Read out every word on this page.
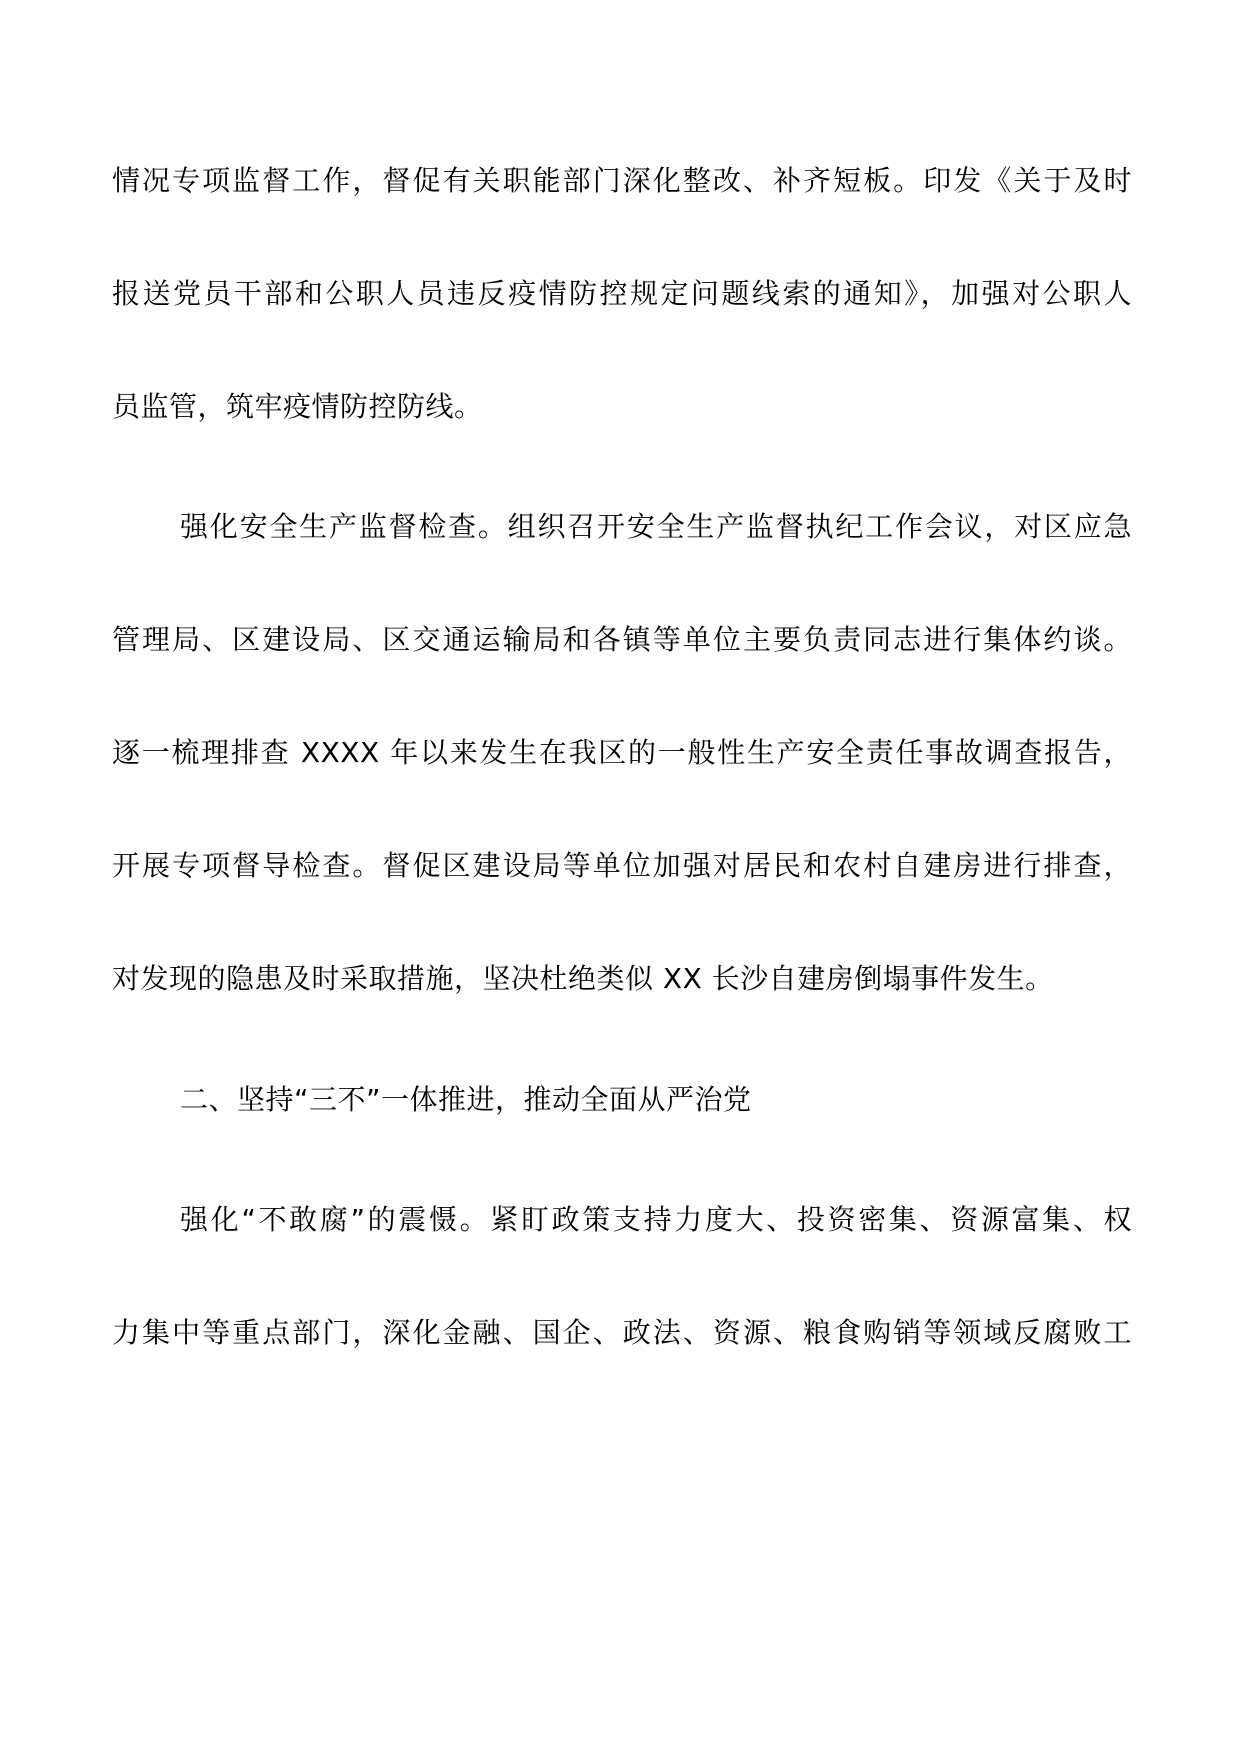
情况专项监督工作，督促有关职能部门深化整改、补齐短板。印发《关于及时
报送党员干部和公职人员违反疫情防控规定问题线索的通知》，加强对公职人
员监管，筑牢疫情防控防线。
强化安全生产监督检查。组织召开安全生产监督执纪工作会议，对区应急
管理局、区建设局、区交通运输局和各镇等单位主要负责同志进行集体约谈。
逐一梳理排查 XXXX 年以来发生在我区的一般性生产安全责任事故调查报告，
开展专项督导检查。督促区建设局等单位加强对居民和农村自建房进行排查，
对发现的隐患及时采取措施，坚决杜绝类似 XX 长沙自建房倒塌事件发生。
二、坚持“三不”一体推进，推动全面从严治党
强化“不敢腐”的震慑。紧盯政策支持力度大、投资密集、资源富集、权
力集中等重点部门，深化金融、国企、政法、资源、粮食购销等领域反腐败工
